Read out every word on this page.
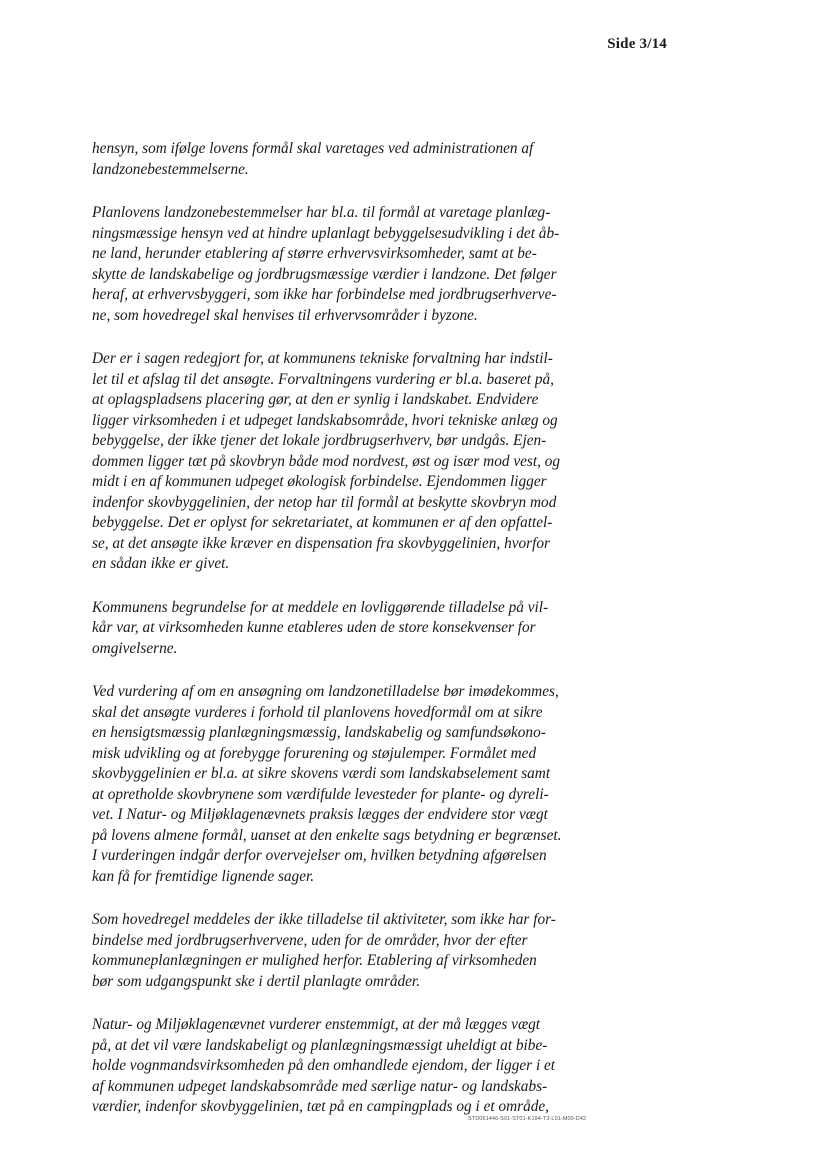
Side 3/14

hensyn, som ifølge lovens formål skal varetages ved administrationen af
landzonebestemmelserne.

Planlovens landzonebestemmelser har bl.a. til formål at varetage planlæg-
ningsmæssige hensyn ved at hindre uplanlagt bebyggelsesudvikling i det åb-
ne land, herunder etablering af større erhvervsvirksomheder, samt at be-
skytte de landskabelige og jordbrugsmæssige værdier i landzone. Det følger
heraf, at erhvervsbyggeri, som ikke har forbindelse med jordbrugserhverve-
ne, som hovedregel skal henvises til erhvervsområder i byzone.

Der er i sagen redegjort for, at kommunens tekniske forvaltning har indstil-
let til et afslag til det ansøgte. Forvaltningens vurdering er bl.a. baseret på,
at oplagspladsens placering gør, at den er synlig i landskabet. Endvidere
ligger virksomheden i et udpeget landskabsområde, hvori tekniske anlæg og
bebyggelse, der ikke tjener det lokale jordbrugserhverv, bør undgås. Ejen-
dommen ligger tæt på skovbryn både mod nordvest, øst og især mod vest, og
midt i en af kommunen udpeget økologisk forbindelse. Ejendommen ligger
indenfor skovbyggelinien, der netop har til formål at beskytte skovbryn mod
bebyggelse. Det er oplyst for sekretariatet, at kommunen er af den opfattel-
se, at det ansøgte ikke kræver en dispensation fra skovbyggelinien, hvorfor
en sådan ikke er givet.

Kommunens begrundelse for at meddele en lovliggørende tilladelse på vil-
kår var, at virksomheden kunne etableres uden de store konsekvenser for
omgivelserne.

Ved vurdering af om en ansøgning om landzonetilladelse bør imødekommes,
skal det ansøgte vurderes i forhold til planlovens hovedformål om at sikre
en hensigtsmæssig planlægningsmæssig, landskabelig og samfundsøkono-
misk udvikling og at forebygge forurening og støjulemper. Formålet med
skovbyggelinien er bl.a. at sikre skovens værdi som landskabselement samt
at opretholde skovbrynene som værdifulde levesteder for plante- og dyreli-
vet. I Natur- og Miljøklagenævnets praksis lægges der endvidere stor vægt
på lovens almene formål, uanset at den enkelte sags betydning er begrænset.
I vurderingen indgår derfor overvejelser om, hvilken betydning afgørelsen
kan få for fremtidige lignende sager.

Som hovedregel meddeles der ikke tilladelse til aktiviteter, som ikke har for-
bindelse med jordbrugserhvervene, uden for de områder, hvor der efter
kommuneplanlægningen er mulighed herfor. Etablering af virksomheden
bør som udgangspunkt ske i dertil planlagte områder.

Natur- og Miljøklagenævnet vurderer enstemmigt, at der må lægges vægt
på, at det vil være landskabeligt og planlægningsmæssigt uheldigt at bibe-
holde vognmandsvirksomheden på den omhandlede ejendom, der ligger i et
af kommunen udpeget landskabsområde med særlige natur- og landskabs-
værdier, indenfor skovbyggelinien, tæt på en campingplads og i et område,

STD061446-S01-ST01-K194-T3-L01-M00-D42
